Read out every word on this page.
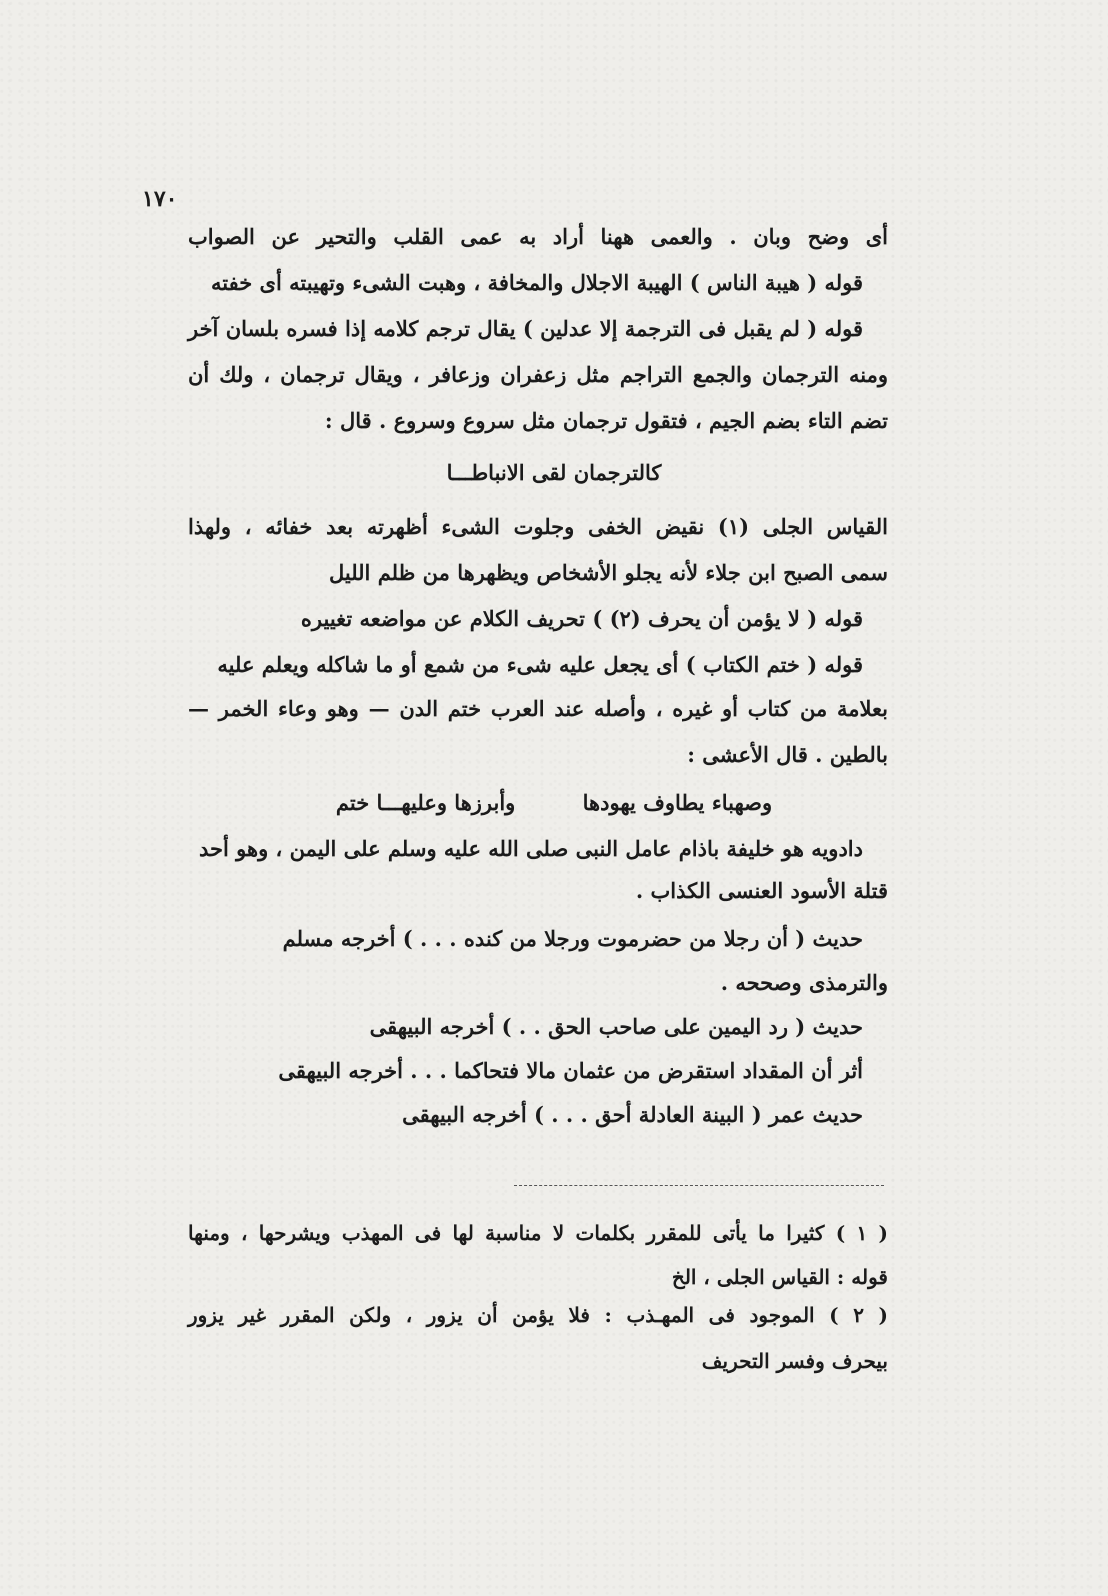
١٧٠
أى وضح وبان . والعمى ههنا أراد به عمى القلب والتحير عن الصواب
قوله ( هيبة الناس ) الهيبة الاجلال والمخافة ، وهبت الشىء وتهيبته أى خفته
قوله ( لم يقبل فى الترجمة إلا عدلين ) يقال ترجم كلامه إذا فسره بلسان آخر
ومنه الترجمان والجمع التراجم مثل زعفران وزعافر ، ويقال ترجمان ، ولك أن
تضم التاء بضم الجيم ، فتقول ترجمان مثل سروع وسروع . قال :
كالترجمان لقى الانباطـــا
القياس الجلى (١) نقيض الخفى وجلوت الشىء أظهرته بعد خفائه ، ولهذا
سمى الصبح ابن جلاء لأنه يجلو الأشخاص ويظهرها من ظلم الليل
قوله ( لا يؤمن أن يحرف (٢) ) تحريف الكلام عن مواضعه تغييره
قوله ( ختم الكتاب ) أى يجعل عليه شىء من شمع أو ما شاكله ويعلم عليه
بعلامة من كتاب أو غيره ، وأصله عند العرب ختم الدن — وهو وعاء الخمر —
بالطين . قال الأعشى :
وصهباء يطاوف يهودها وأبرزها وعليهـــا ختم
دادويه هو خليفة باذام عامل النبى صلى الله عليه وسلم على اليمن ، وهو أحد
قتلة الأسود العنسى الكذاب .
حديث ( أن رجلا من حضرموت ورجلا من كنده . . . ) أخرجه مسلم
والترمذى وصححه .
حديث ( رد اليمين على صاحب الحق . . ) أخرجه البيهقى
أثر أن المقداد استقرض من عثمان مالا فتحاكما . . . أخرجه البيهقى
حديث عمر ( البينة العادلة أحق . . . ) أخرجه البيهقى
( ١ ) كثيرا ما يأتى للمقرر بكلمات لا مناسبة لها فى المهذب ويشرحها ، ومنها
قوله : القياس الجلى ، الخ
( ٢ ) الموجود فى المهـذب : فلا يؤمن أن يزور ، ولكن المقرر غير يزور
بيحرف وفسر التحريف
